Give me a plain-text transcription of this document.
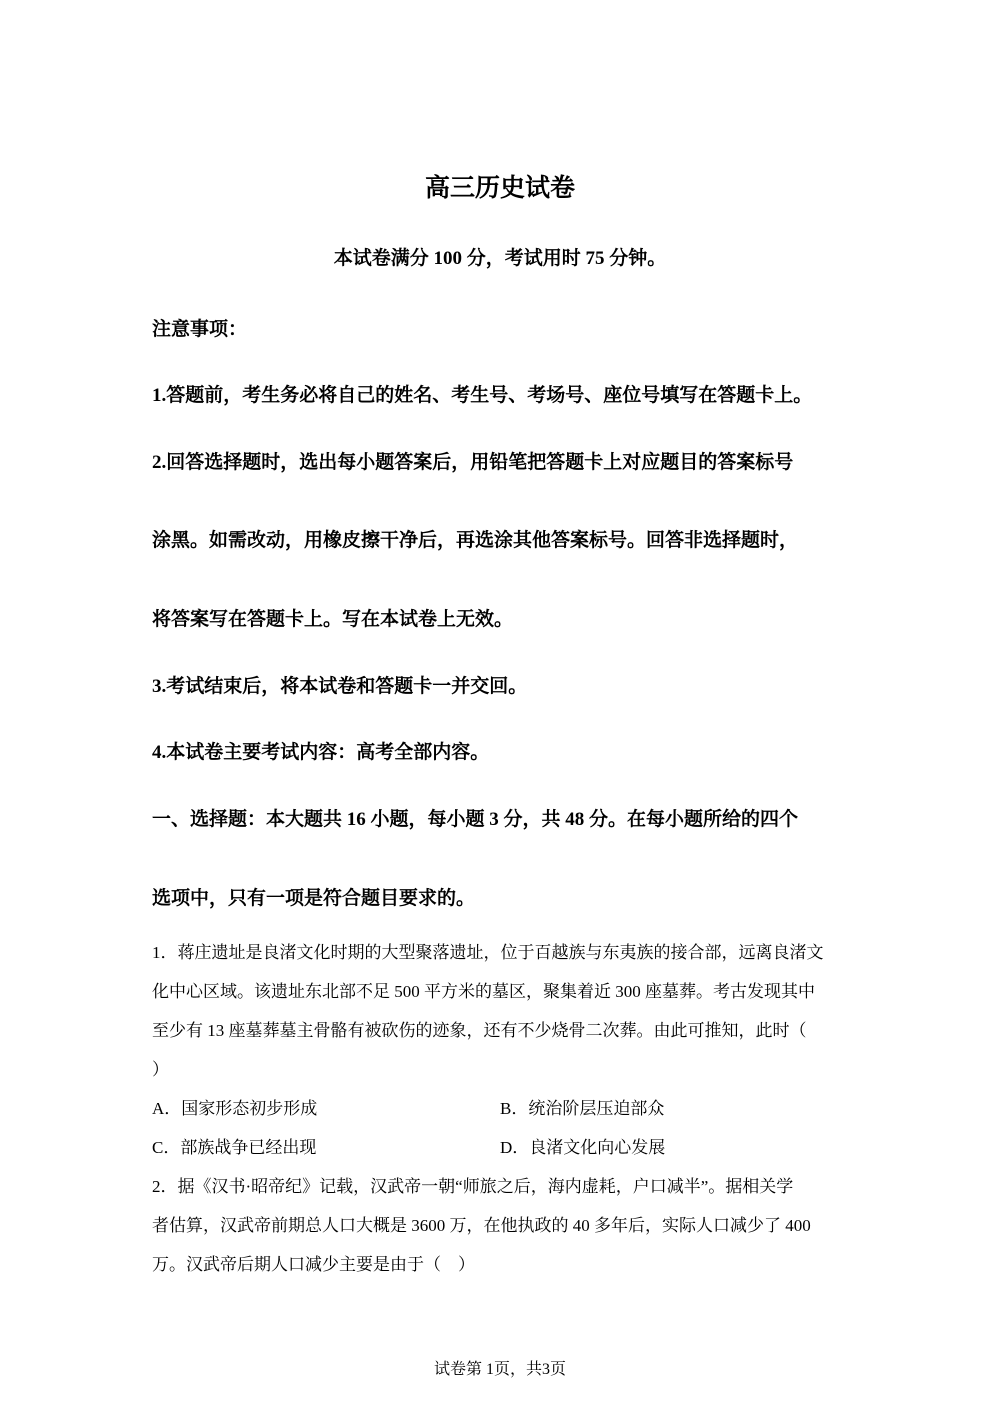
高三历史试卷
本试卷满分 100 分，考试用时 75 分钟。
注意事项：
1.答题前，考生务必将自己的姓名、考生号、考场号、座位号填写在答题卡上。
2.回答选择题时，选出每小题答案后，用铅笔把答题卡上对应题目的答案标号
涂黑。如需改动，用橡皮擦干净后，再选涂其他答案标号。回答非选择题时，
将答案写在答题卡上。写在本试卷上无效。
3.考试结束后，将本试卷和答题卡一并交回。
4.本试卷主要考试内容：高考全部内容。
一、选择题：本大题共 16 小题，每小题 3 分，共 48 分。在每小题所给的四个
选项中，只有一项是符合题目要求的。
1．蒋庄遗址是良渚文化时期的大型聚落遗址，位于百越族与东夷族的接合部，远离良渚文
化中心区域。该遗址东北部不足 500 平方米的墓区，聚集着近 300 座墓葬。考古发现其中
至少有 13 座墓葬墓主骨骼有被砍伤的迹象，还有不少烧骨二次葬。由此可推知，此时（
）
A．国家形态初步形成	B．统治阶层压迫部众
C．部族战争已经出现	D．良渚文化向心发展
2．据《汉书·昭帝纪》记载，汉武帝一朝“师旅之后，海内虚耗，户口减半”。据相关学
者估算，汉武帝前期总人口大概是 3600 万，在他执政的 40 多年后，实际人口减少了 400
万。汉武帝后期人口减少主要是由于（　）
试卷第 1页，共3页
